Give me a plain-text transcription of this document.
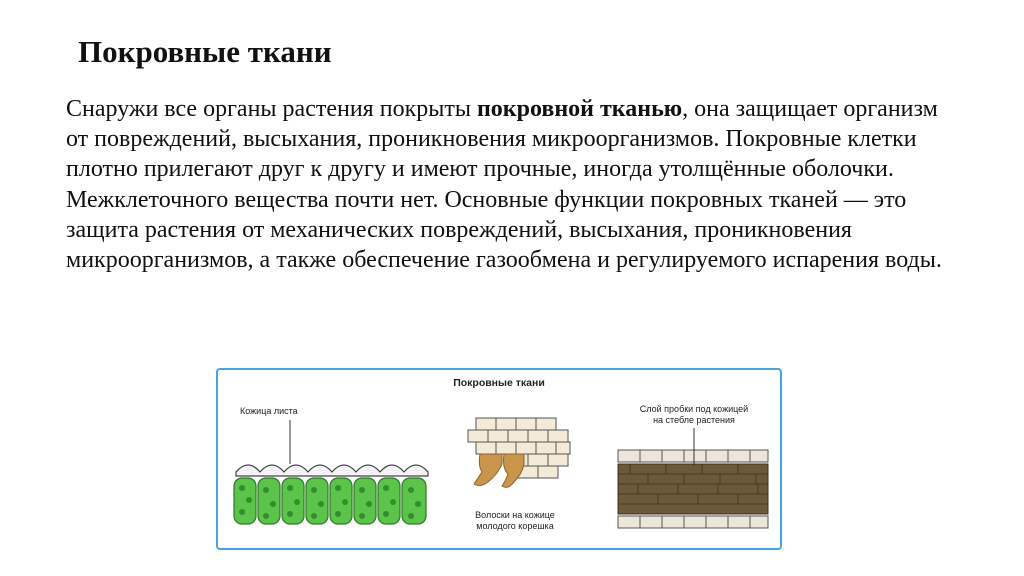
Покровные ткани

Снаружи все органы растения покрыты покровной тканью, она защищает организм от повреждений, высыхания, проникновения микроорганизмов. Покровные клетки плотно прилегают друг к другу и имеют прочные, иногда утолщённые оболочки. Межклеточного вещества почти нет. Основные функции покровных тканей — это защита растения от механических повреждений, высыхания, проникновения микроорганизмов, а также обеспечение газообмена и регулируемого испарения воды.

Покровные ткани
Кожица листа
Волоски на кожице
молодого корешка
Слой пробки под кожицей
на стебле растения
